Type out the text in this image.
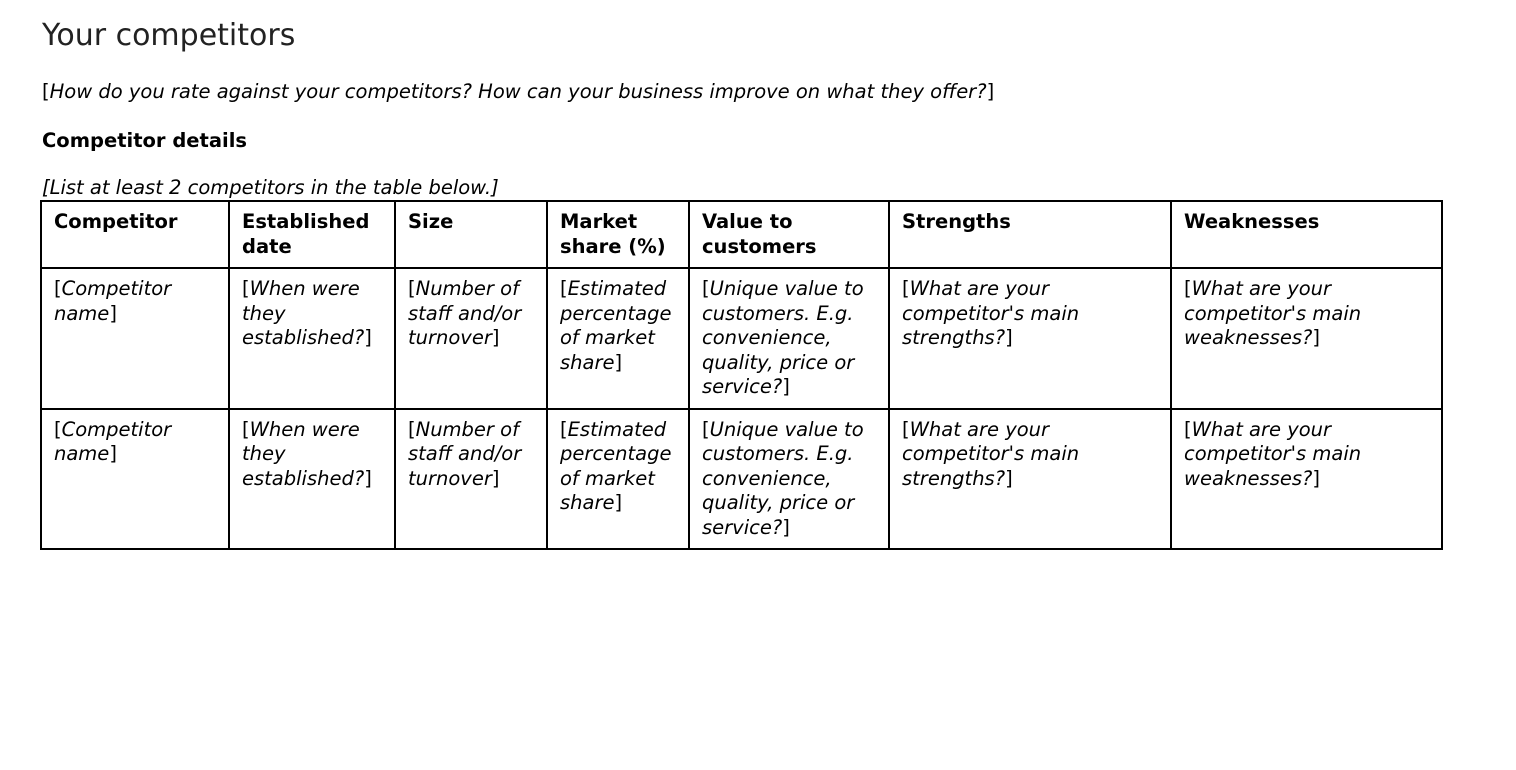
Your competitors
[How do you rate against your competitors? How can your business improve on what they offer?]
Competitor details
[List at least 2 competitors in the table below.]
Competitor	Established date	Size	Market share (%)	Value to customers	Strengths	Weaknesses
[Competitor name]	[When were they established?]	[Number of staff and/or turnover]	[Estimated percentage of market share]	[Unique value to customers. E.g. convenience, quality, price or service?]	[What are your competitor's main strengths?]	[What are your competitor's main weaknesses?]
[Competitor name]	[When were they established?]	[Number of staff and/or turnover]	[Estimated percentage of market share]	[Unique value to customers. E.g. convenience, quality, price or service?]	[What are your competitor's main strengths?]	[What are your competitor's main weaknesses?]
